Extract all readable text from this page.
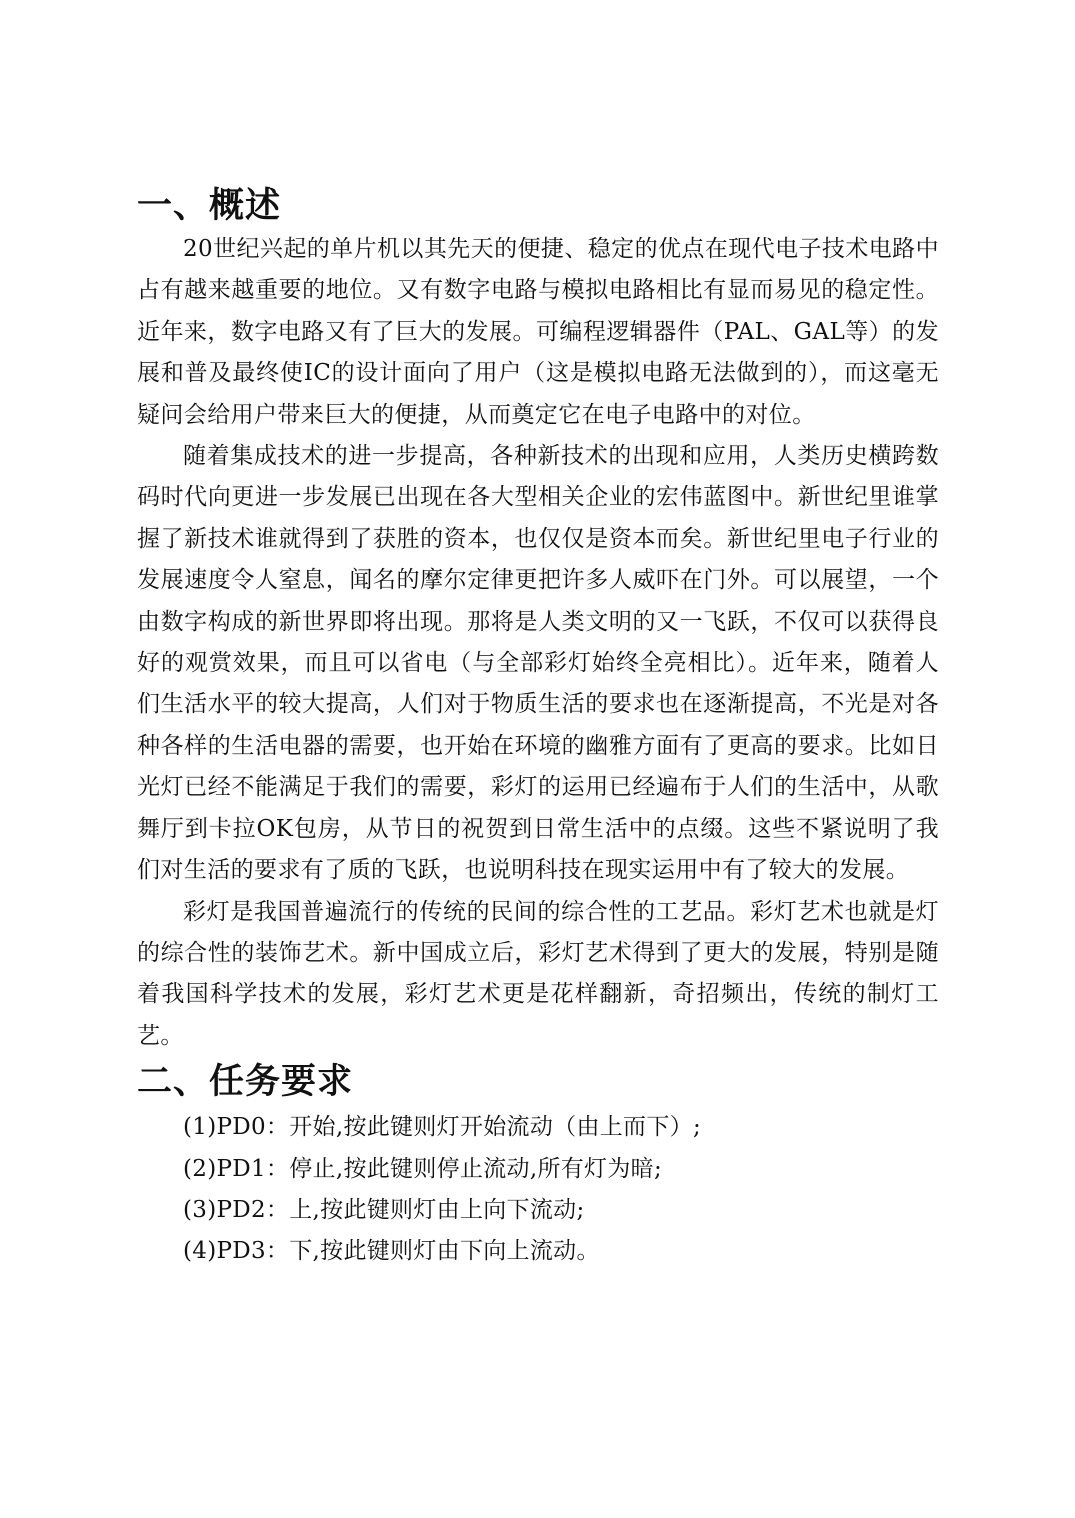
一、概述

20世纪兴起的单片机以其先天的便捷、稳定的优点在现代电子技术电路中占有越来越重要的地位。又有数字电路与模拟电路相比有显而易见的稳定性。近年来，数字电路又有了巨大的发展。可编程逻辑器件（PAL、GAL等）的发展和普及最终使IC的设计面向了用户（这是模拟电路无法做到的），而这毫无疑问会给用户带来巨大的便捷，从而奠定它在电子电路中的对位。

随着集成技术的进一步提高，各种新技术的出现和应用，人类历史横跨数码时代向更进一步发展已出现在各大型相关企业的宏伟蓝图中。新世纪里谁掌握了新技术谁就得到了获胜的资本，也仅仅是资本而矣。新世纪里电子行业的发展速度令人窒息，闻名的摩尔定律更把许多人威吓在门外。可以展望，一个由数字构成的新世界即将出现。那将是人类文明的又一飞跃，不仅可以获得良好的观赏效果，而且可以省电（与全部彩灯始终全亮相比）。近年来，随着人们生活水平的较大提高，人们对于物质生活的要求也在逐渐提高，不光是对各种各样的生活电器的需要，也开始在环境的幽雅方面有了更高的要求。比如日光灯已经不能满足于我们的需要，彩灯的运用已经遍布于人们的生活中，从歌舞厅到卡拉OK包房，从节日的祝贺到日常生活中的点缀。这些不紧说明了我们对生活的要求有了质的飞跃，也说明科技在现实运用中有了较大的发展。

彩灯是我国普遍流行的传统的民间的综合性的工艺品。彩灯艺术也就是灯的综合性的装饰艺术。新中国成立后，彩灯艺术得到了更大的发展，特别是随着我国科学技术的发展，彩灯艺术更是花样翻新，奇招频出，传统的制灯工艺。

二、任务要求
(1)PD0：开始,按此键则灯开始流动（由上而下）;
(2)PD1：停止,按此键则停止流动,所有灯为暗;
(3)PD2：上,按此键则灯由上向下流动;
(4)PD3：下,按此键则灯由下向上流动。
